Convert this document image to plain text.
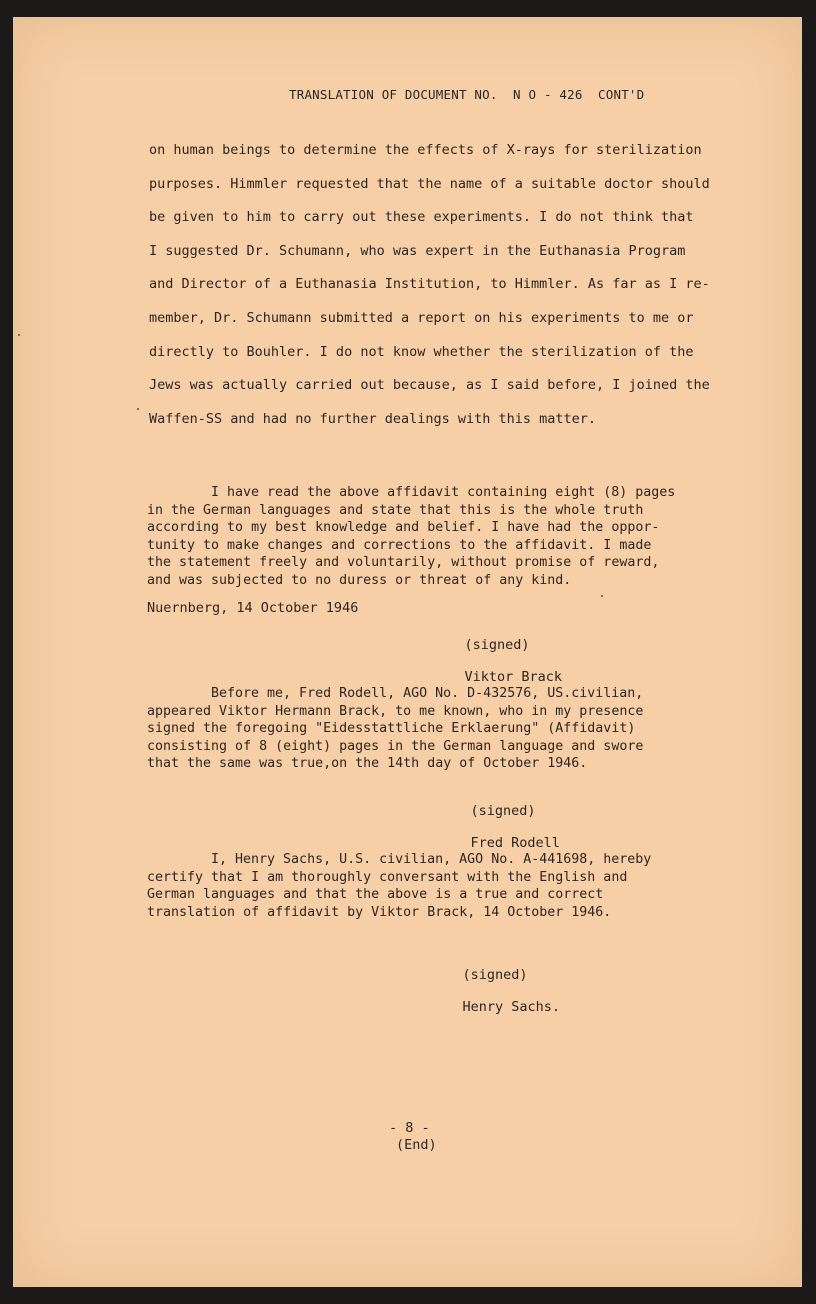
TRANSLATION OF DOCUMENT NO.  N O - 426  CONT'D
on human beings to determine the effects of X-rays for sterilization
purposes. Himmler requested that the name of a suitable doctor should
be given to him to carry out these experiments. I do not think that
I suggested Dr. Schumann, who was expert in the Euthanasia Program
and Director of a Euthanasia Institution, to Himmler. As far as I re-
member, Dr. Schumann submitted a report on his experiments to me or
directly to Bouhler. I do not know whether the sterilization of the
Jews was actually carried out because, as I said before, I joined the
Waffen-SS and had no further dealings with this matter.
I have read the above affidavit containing eight (8) pages
in the German languages and state that this is the whole truth
according to my best knowledge and belief. I have had the oppor-
tunity to make changes and corrections to the affidavit. I made
the statement freely and voluntarily, without promise of reward,
and was subjected to no duress or threat of any kind.
Nuernberg, 14 October 1946

(signed)

Viktor Brack

Before me, Fred Rodell, AGO No. D-432576, US.civilian,
appeared Viktor Hermann Brack, to me known, who in my presence
signed the foregoing "Eidesstattliche Erklaerung" (Affidavit)
consisting of 8 (eight) pages in the German language and swore
that the same was true,on the 14th day of October 1946.

(signed)

Fred Rodell

I, Henry Sachs, U.S. civilian, AGO No. A-441698, hereby
certify that I am thoroughly conversant with the English and
German languages and that the above is a true and correct
translation of affidavit by Viktor Brack, 14 October 1946.

(signed)

Henry Sachs.

- 8 -
(End)
